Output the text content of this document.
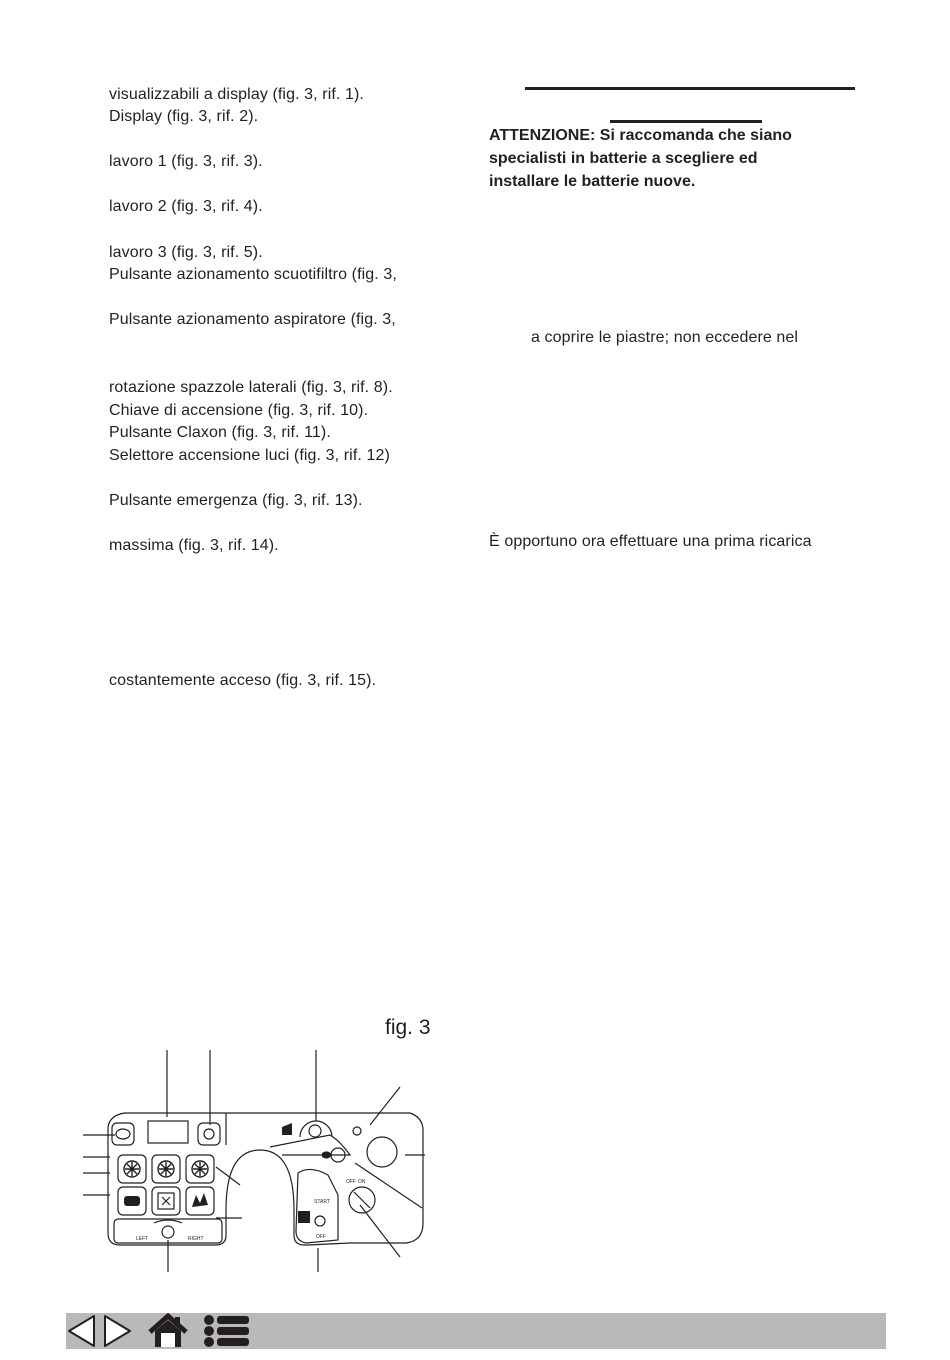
visualizzabili a display (fig. 3, rif. 1).
Display (fig. 3, rif. 2).
lavoro 1 (fig. 3, rif. 3).
lavoro 2 (fig. 3, rif. 4).
lavoro 3 (fig. 3, rif. 5).
Pulsante azionamento scuotifiltro (fig. 3,
Pulsante azionamento aspiratore (fig. 3,
rotazione spazzole laterali (fig. 3, rif. 8).
Chiave di accensione (fig. 3, rif. 10).
Pulsante Claxon (fig. 3, rif. 11).
Selettore accensione luci (fig. 3, rif. 12)
Pulsante emergenza (fig. 3, rif. 13).
massima (fig. 3, rif. 14).
costantemente acceso (fig. 3, rif. 15).
ATTENZIONE: Si raccomanda che siano
specialisti in batterie a scegliere ed
installare le batterie nuove.
a coprire le piastre; non eccedere nel
È opportuno ora effettuare una prima ricarica
fig. 3
START
OFF
OFF ON
LEFT	RIGHT
